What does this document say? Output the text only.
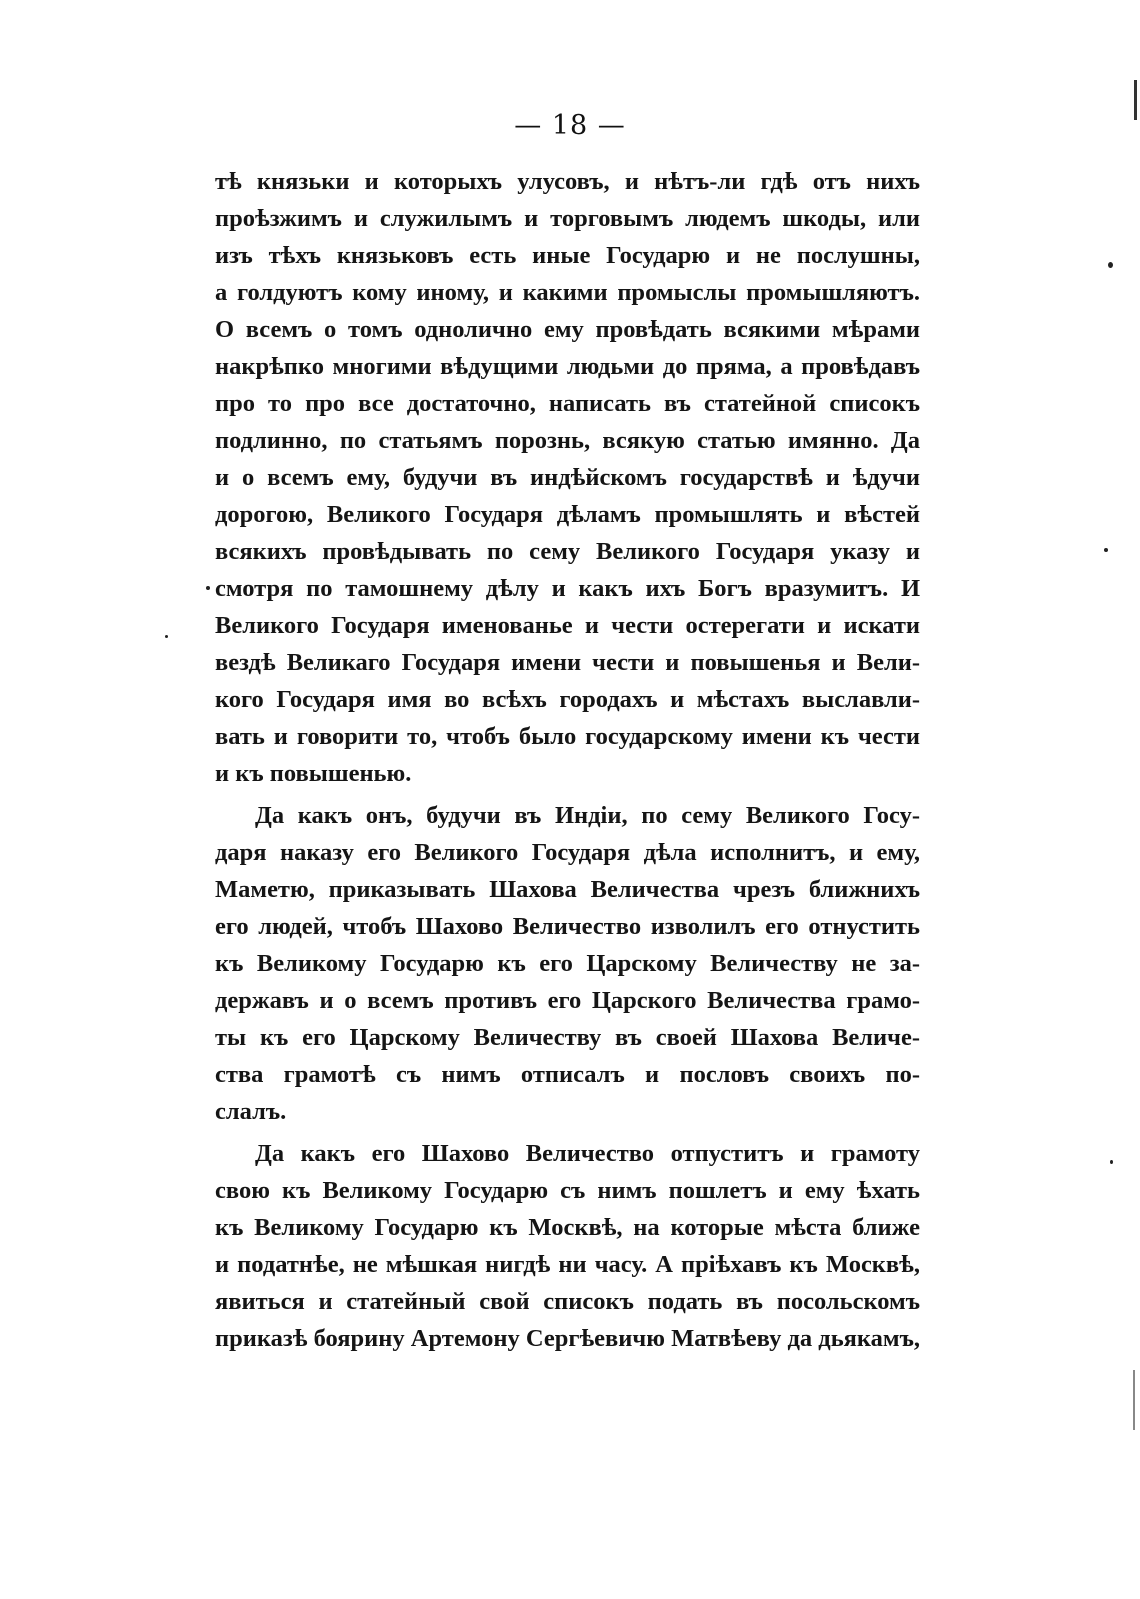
— 18 —
тѣ князьки и которыхъ улусовъ, и нѣтъ-ли гдѣ отъ нихъ
проѣзжимъ и служилымъ и торговымъ людемъ шкоды, или
изъ тѣхъ князьковъ есть иные Государю и не послушны,
а голдуютъ кому иному, и какими промыслы промышляютъ.
О всемъ о томъ однолично ему провѣдать всякими мѣрами
накрѣпко многими вѣдущими людьми до пряма, а провѣдавъ
про то про все достаточно, написать въ статейной списокъ
подлинно, по статьямъ порознь, всякую статью имянно. Да
и о всемъ ему, будучи въ индѣйскомъ государствѣ и ѣдучи
дорогою, Великого Государя дѣламъ промышлять и вѣстей
всякихъ провѣдывать по сему Великого Государя указу и
смотря по тамошнему дѣлу и какъ ихъ Богъ вразумитъ. И
Великого Государя именованье и чести остерегати и искати
вездѣ Великаго Государя имени чести и повышенья и Вели-
кого Государя имя во всѣхъ городахъ и мѣстахъ выславли-
вать и говорити то, чтобъ было государскому имени къ чести
и къ повышенью.
Да какъ онъ, будучи въ Индіи, по сему Великого Госу-
даря наказу его Великого Государя дѣла исполнитъ, и ему,
Маметю, приказывать Шахова Величества чрезъ ближнихъ
его людей, чтобъ Шахово Величество изволилъ его отнустить
къ Великому Государю къ его Царскому Величеству не за-
державъ и о всемъ противъ его Царского Величества грамо-
ты къ его Царскому Величеству въ своей Шахова Величе-
ства грамотѣ съ нимъ отписалъ и пословъ своихъ по-
слалъ.
Да какъ его Шахово Величество отпуститъ и грамоту
свою къ Великому Государю съ нимъ пошлетъ и ему ѣхать
къ Великому Государю къ Москвѣ, на которые мѣста ближе
и податнѣе, не мѣшкая нигдѣ ни часу. А пріѣхавъ къ Москвѣ,
явиться и статейный свой списокъ подать въ посольскомъ
приказѣ боярину Артемону Сергѣевичю Матвѣеву да дьякамъ,
